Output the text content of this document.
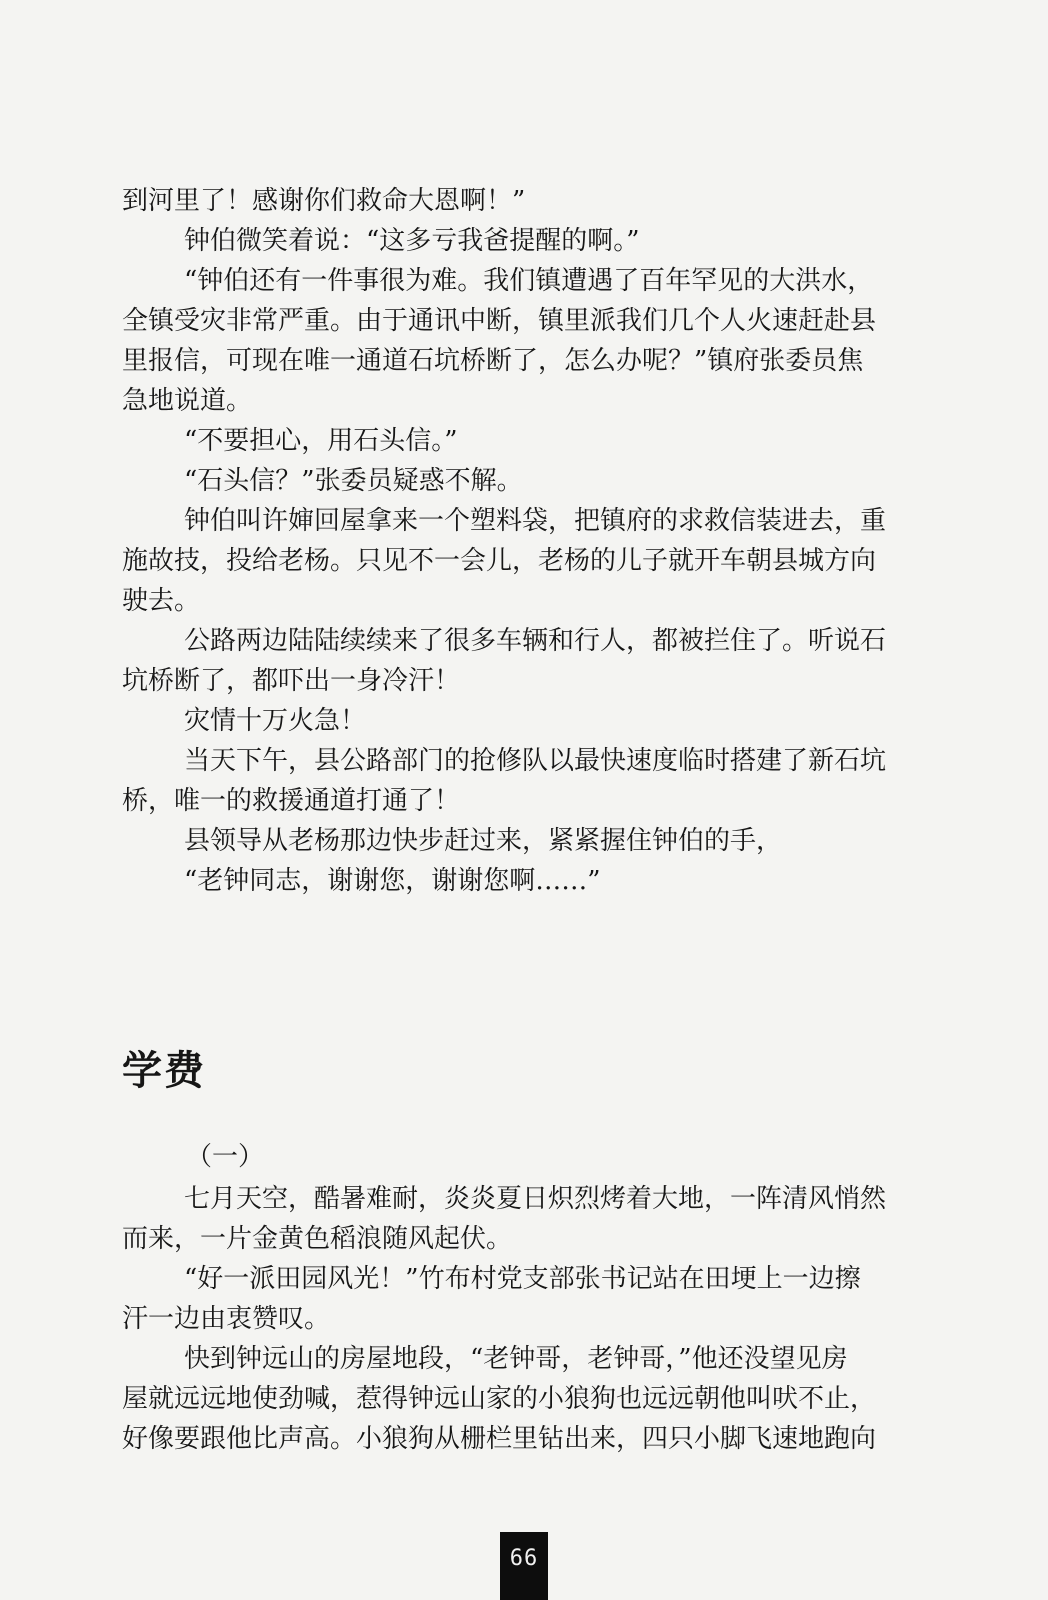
到河里了！感谢你们救命大恩啊！”
钟伯微笑着说：“这多亏我爸提醒的啊。”
“钟伯还有一件事很为难。我们镇遭遇了百年罕见的大洪水，
全镇受灾非常严重。由于通讯中断，镇里派我们几个人火速赶赴县
里报信，可现在唯一通道石坑桥断了，怎么办呢？”镇府张委员焦
急地说道。
“不要担心，用石头信。”
“石头信？”张委员疑惑不解。
钟伯叫许婶回屋拿来一个塑料袋，把镇府的求救信装进去，重
施故技，投给老杨。只见不一会儿，老杨的儿子就开车朝县城方向
驶去。
公路两边陆陆续续来了很多车辆和行人，都被拦住了。听说石
坑桥断了，都吓出一身冷汗！
灾情十万火急！
当天下午，县公路部门的抢修队以最快速度临时搭建了新石坑
桥，唯一的救援通道打通了！
县领导从老杨那边快步赶过来，紧紧握住钟伯的手，
“老钟同志，谢谢您，谢谢您啊……”
学费
（一）
七月天空，酷暑难耐，炎炎夏日炽烈烤着大地，一阵清风悄然
而来，一片金黄色稻浪随风起伏。
“好一派田园风光！”竹布村党支部张书记站在田埂上一边擦
汗一边由衷赞叹。
快到钟远山的房屋地段，“老钟哥，老钟哥，”他还没望见房
屋就远远地使劲喊，惹得钟远山家的小狼狗也远远朝他叫吠不止，
好像要跟他比声高。小狼狗从栅栏里钻出来，四只小脚飞速地跑向
66
